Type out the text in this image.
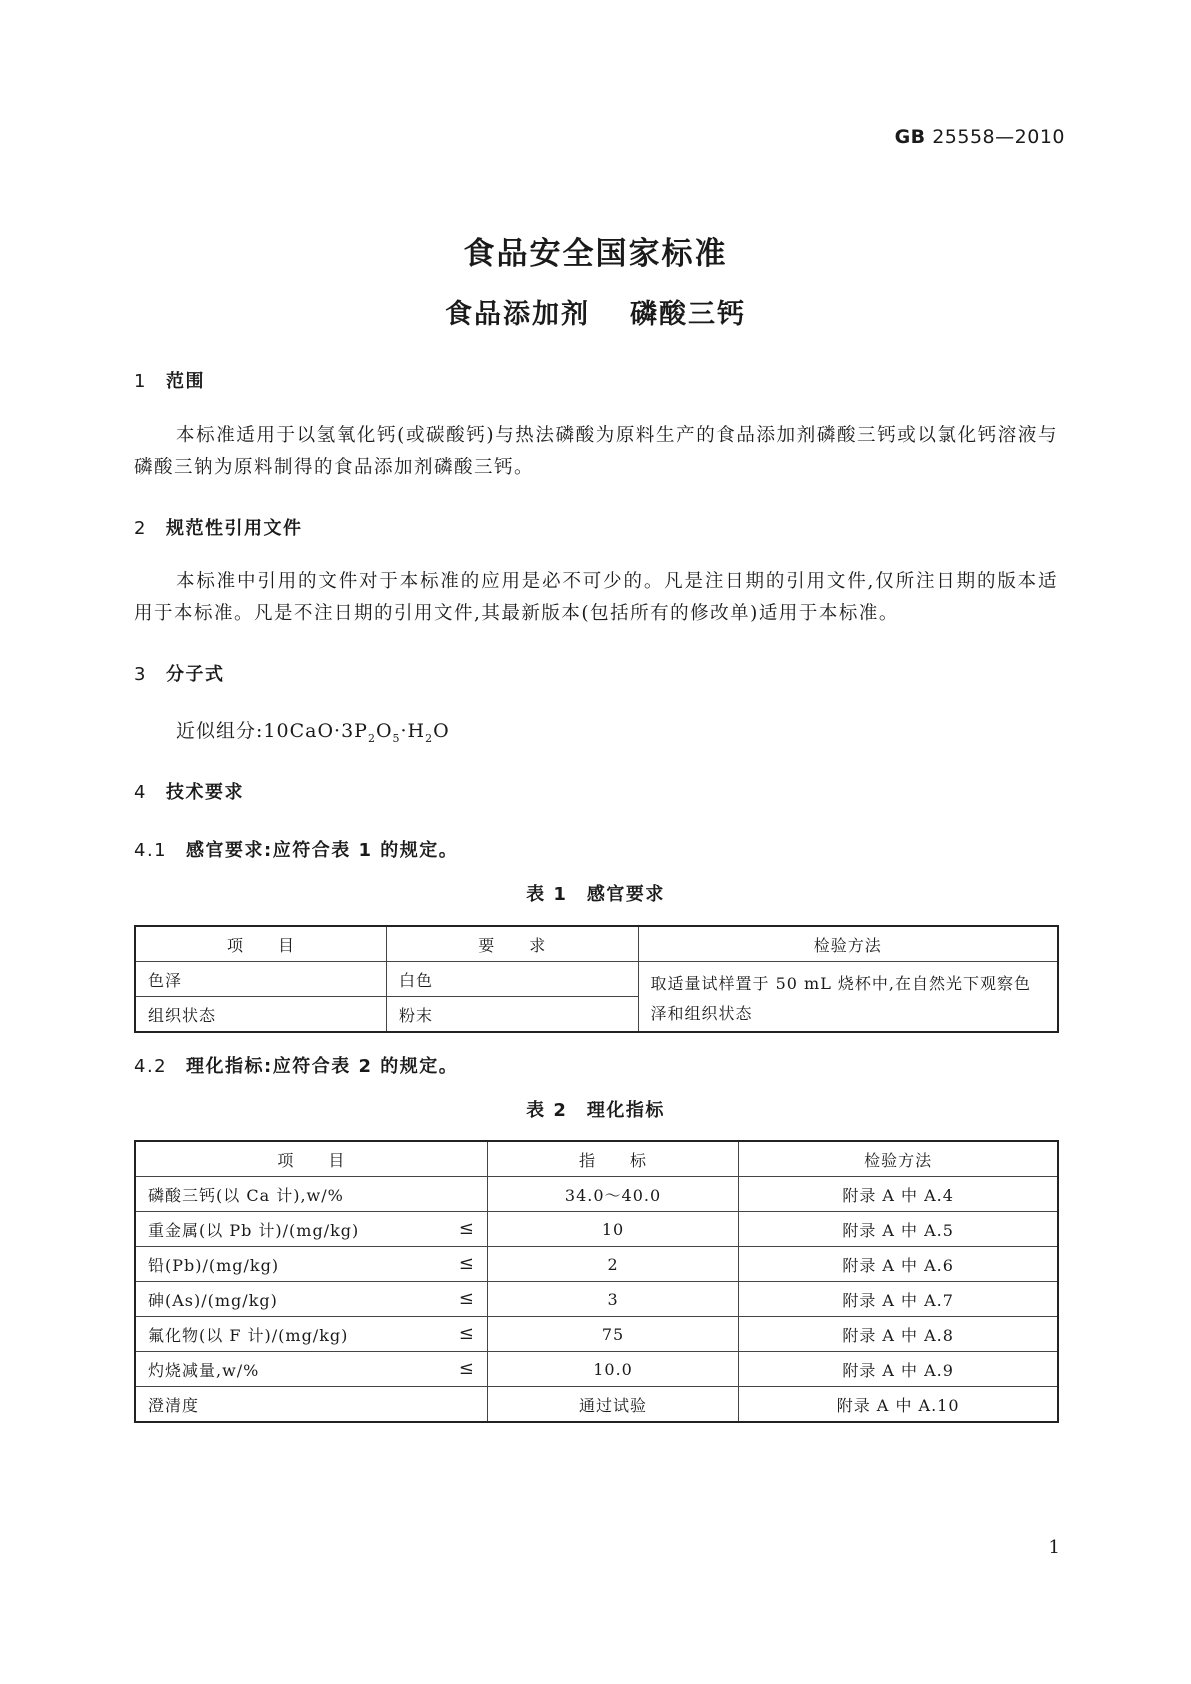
GB 25558—2010
食品安全国家标准
食品添加剂 磷酸三钙
1 范围
本标准适用于以氢氧化钙(或碳酸钙)与热法磷酸为原料生产的食品添加剂磷酸三钙或以氯化钙溶液与磷酸三钠为原料制得的食品添加剂磷酸三钙。
2 规范性引用文件
本标准中引用的文件对于本标准的应用是必不可少的。凡是注日期的引用文件,仅所注日期的版本适用于本标准。凡是不注日期的引用文件,其最新版本(包括所有的修改单)适用于本标准。
3 分子式
近似组分$:10CaO\cdot 3P_2O_5\cdot H_2O$
4 技术要求
4.1 感官要求:应符合表 1 的规定。
表 1　感官要求
项　　目	要　　求	检验方法
色泽	白色	取适量试样置于 50 mL 烧杯中,在自然光下观察色泽和组织状态
组织状态	粉末	
4.2 理化指标:应符合表 2 的规定。
表 2　理化指标
项　　目	指　　标	检验方法
磷酸三钙(以 Ca 计),w/%	34.0～40.0	附录 A 中 A.4
重金属(以 Pb 计)/(mg/kg) ≤	10	附录 A 中 A.5
铅(Pb)/(mg/kg) ≤	2	附录 A 中 A.6
砷(As)/(mg/kg) ≤	3	附录 A 中 A.7
氟化物(以 F 计)/(mg/kg) ≤	75	附录 A 中 A.8
灼烧减量,w/% ≤	10.0	附录 A 中 A.9
澄清度	通过试验	附录 A 中 A.10
1
